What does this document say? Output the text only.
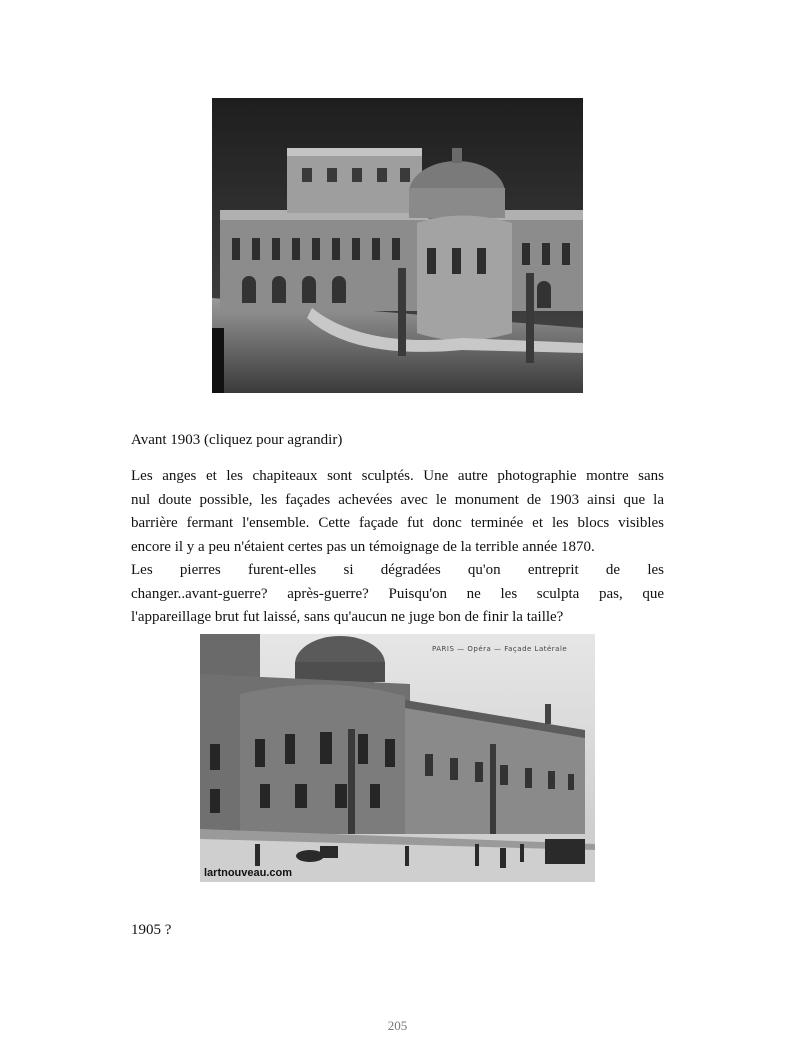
Avant 1903 (cliquez pour agrandir)

Les anges et les chapiteaux sont sculptés. Une autre photographie montre sans
nul doute possible, les façades achevées avec le monument de 1903 ainsi que la
barrière fermant l'ensemble. Cette façade fut donc terminée et les blocs visibles
encore il y a peu n'étaient certes pas un témoignage de la terrible année 1870.
Les pierres furent-elles si dégradées qu'on entreprit de les
changer..avant-guerre? après-guerre? Puisqu'on ne les sculpta pas, que
l'appareillage brut fut laissé, sans qu'aucun ne juge bon de finir la taille?

PARIS — Opéra — Façade Latérale
lartnouveau.com
1905 ?
205
